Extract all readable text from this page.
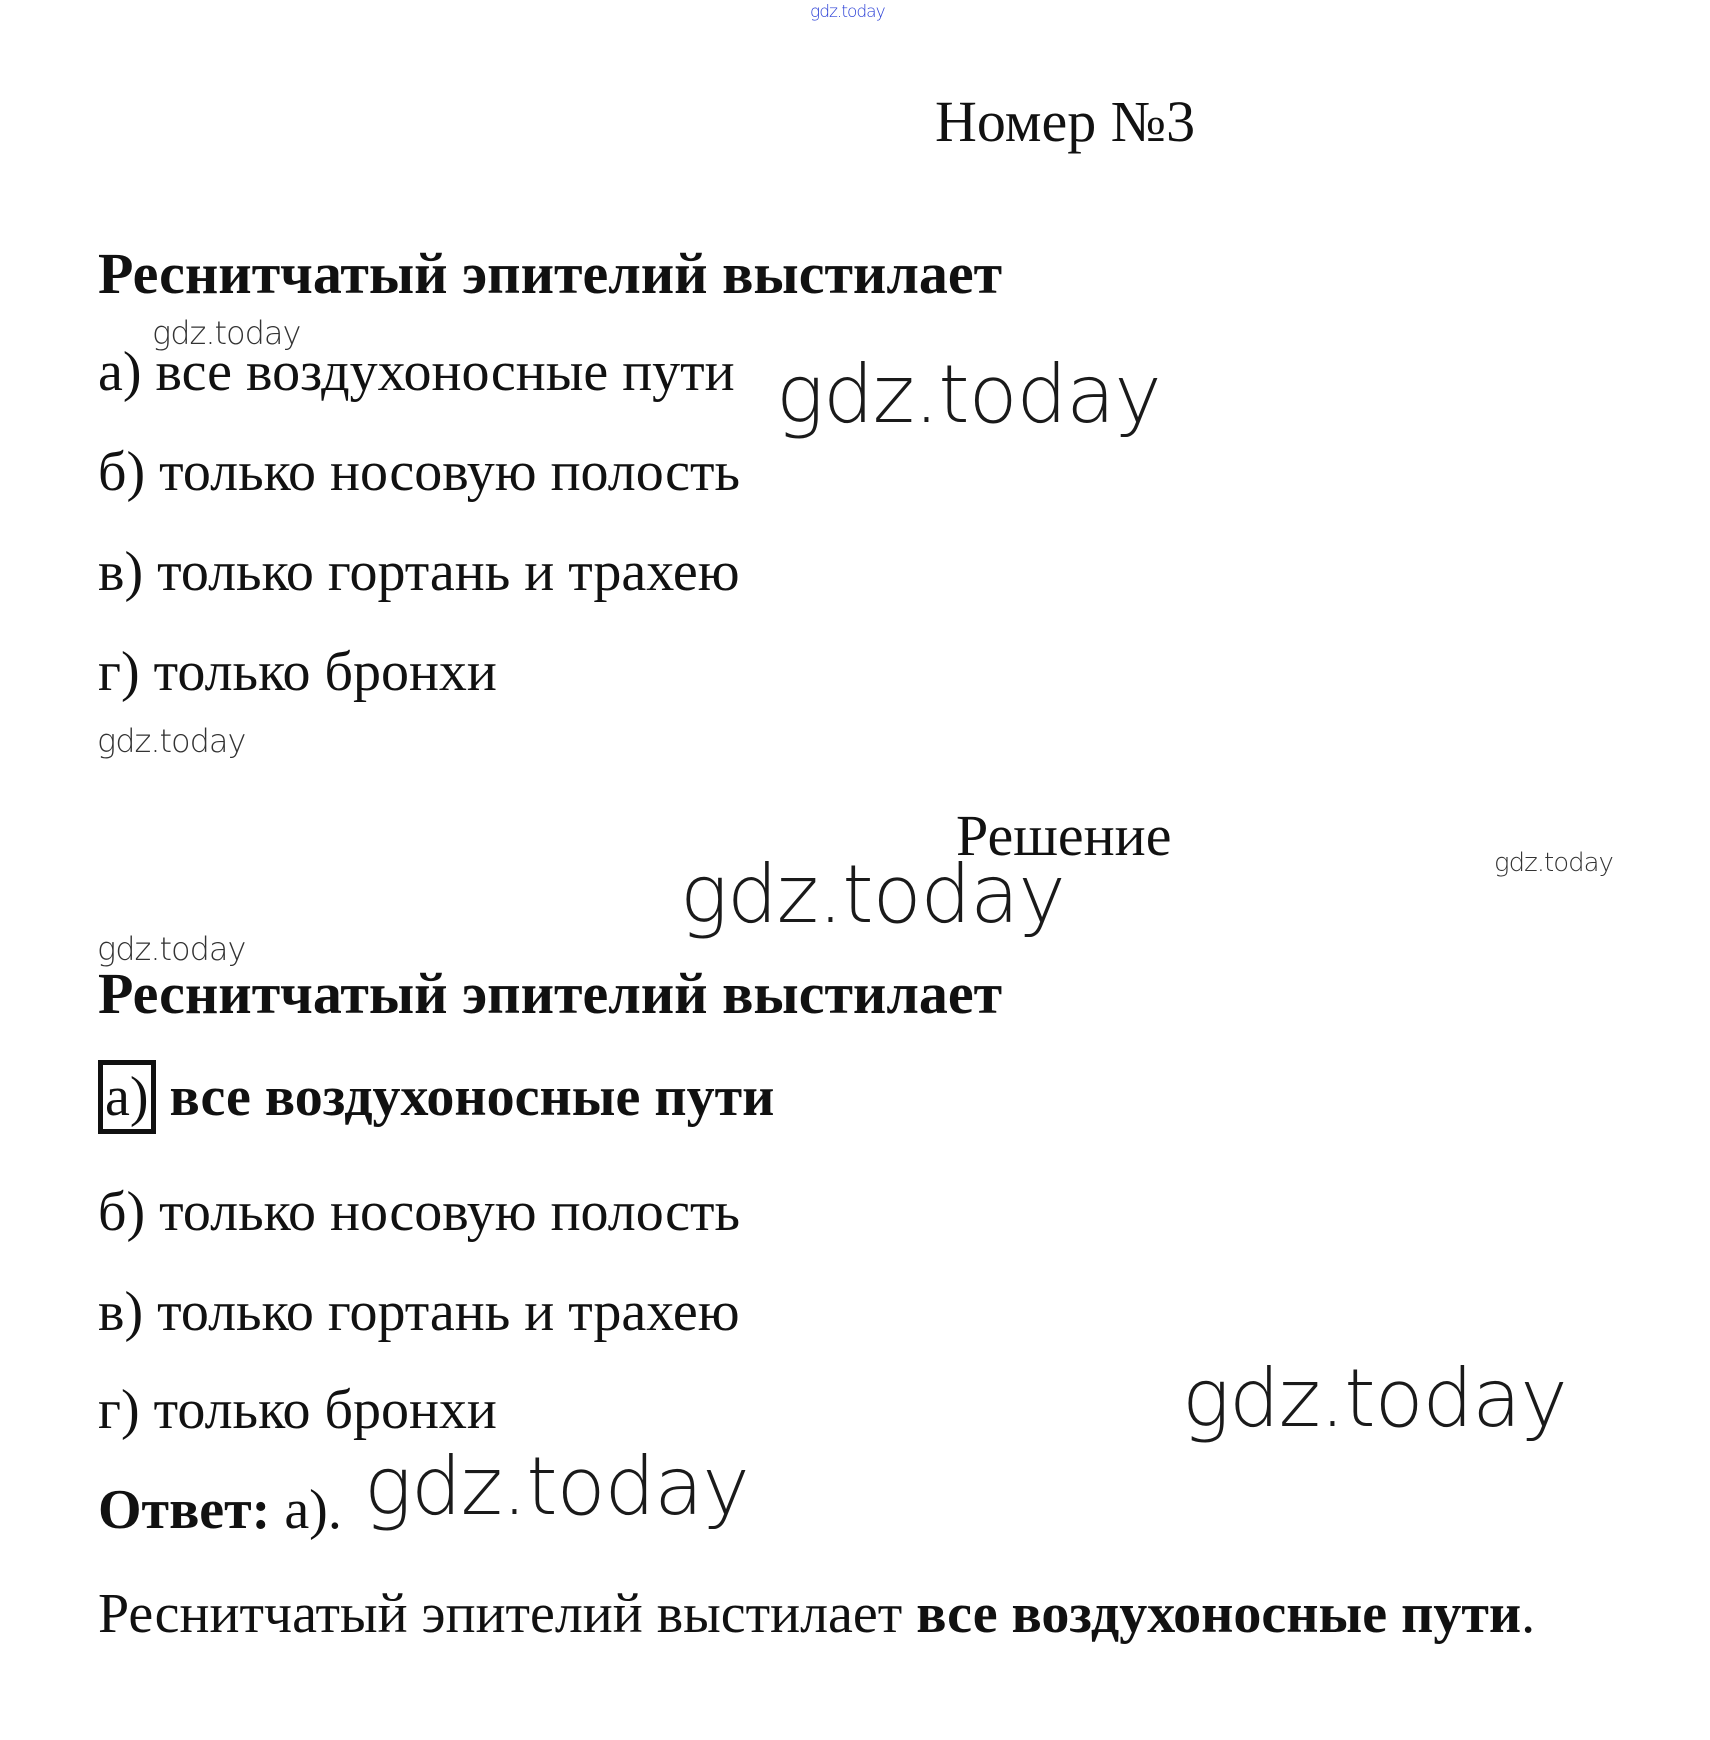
gdz.today
Номер №3
Реснитчатый эпителий выстилает
gdz.today
а) все воздухоносные пути gdz.today
б) только носовую полость
в) только гортань и трахею
г) только бронхи
gdz.today
Решение	gdz.today
gdz.today
gdz.today
Реснитчатый эпителий выстилает
а) все воздухоносные пути
б) только носовую полость
в) только гортань и трахею
г) только бронхи	gdz.today
Ответ: а). gdz.today
Реснитчатый эпителий выстилает все воздухоносные пути.
